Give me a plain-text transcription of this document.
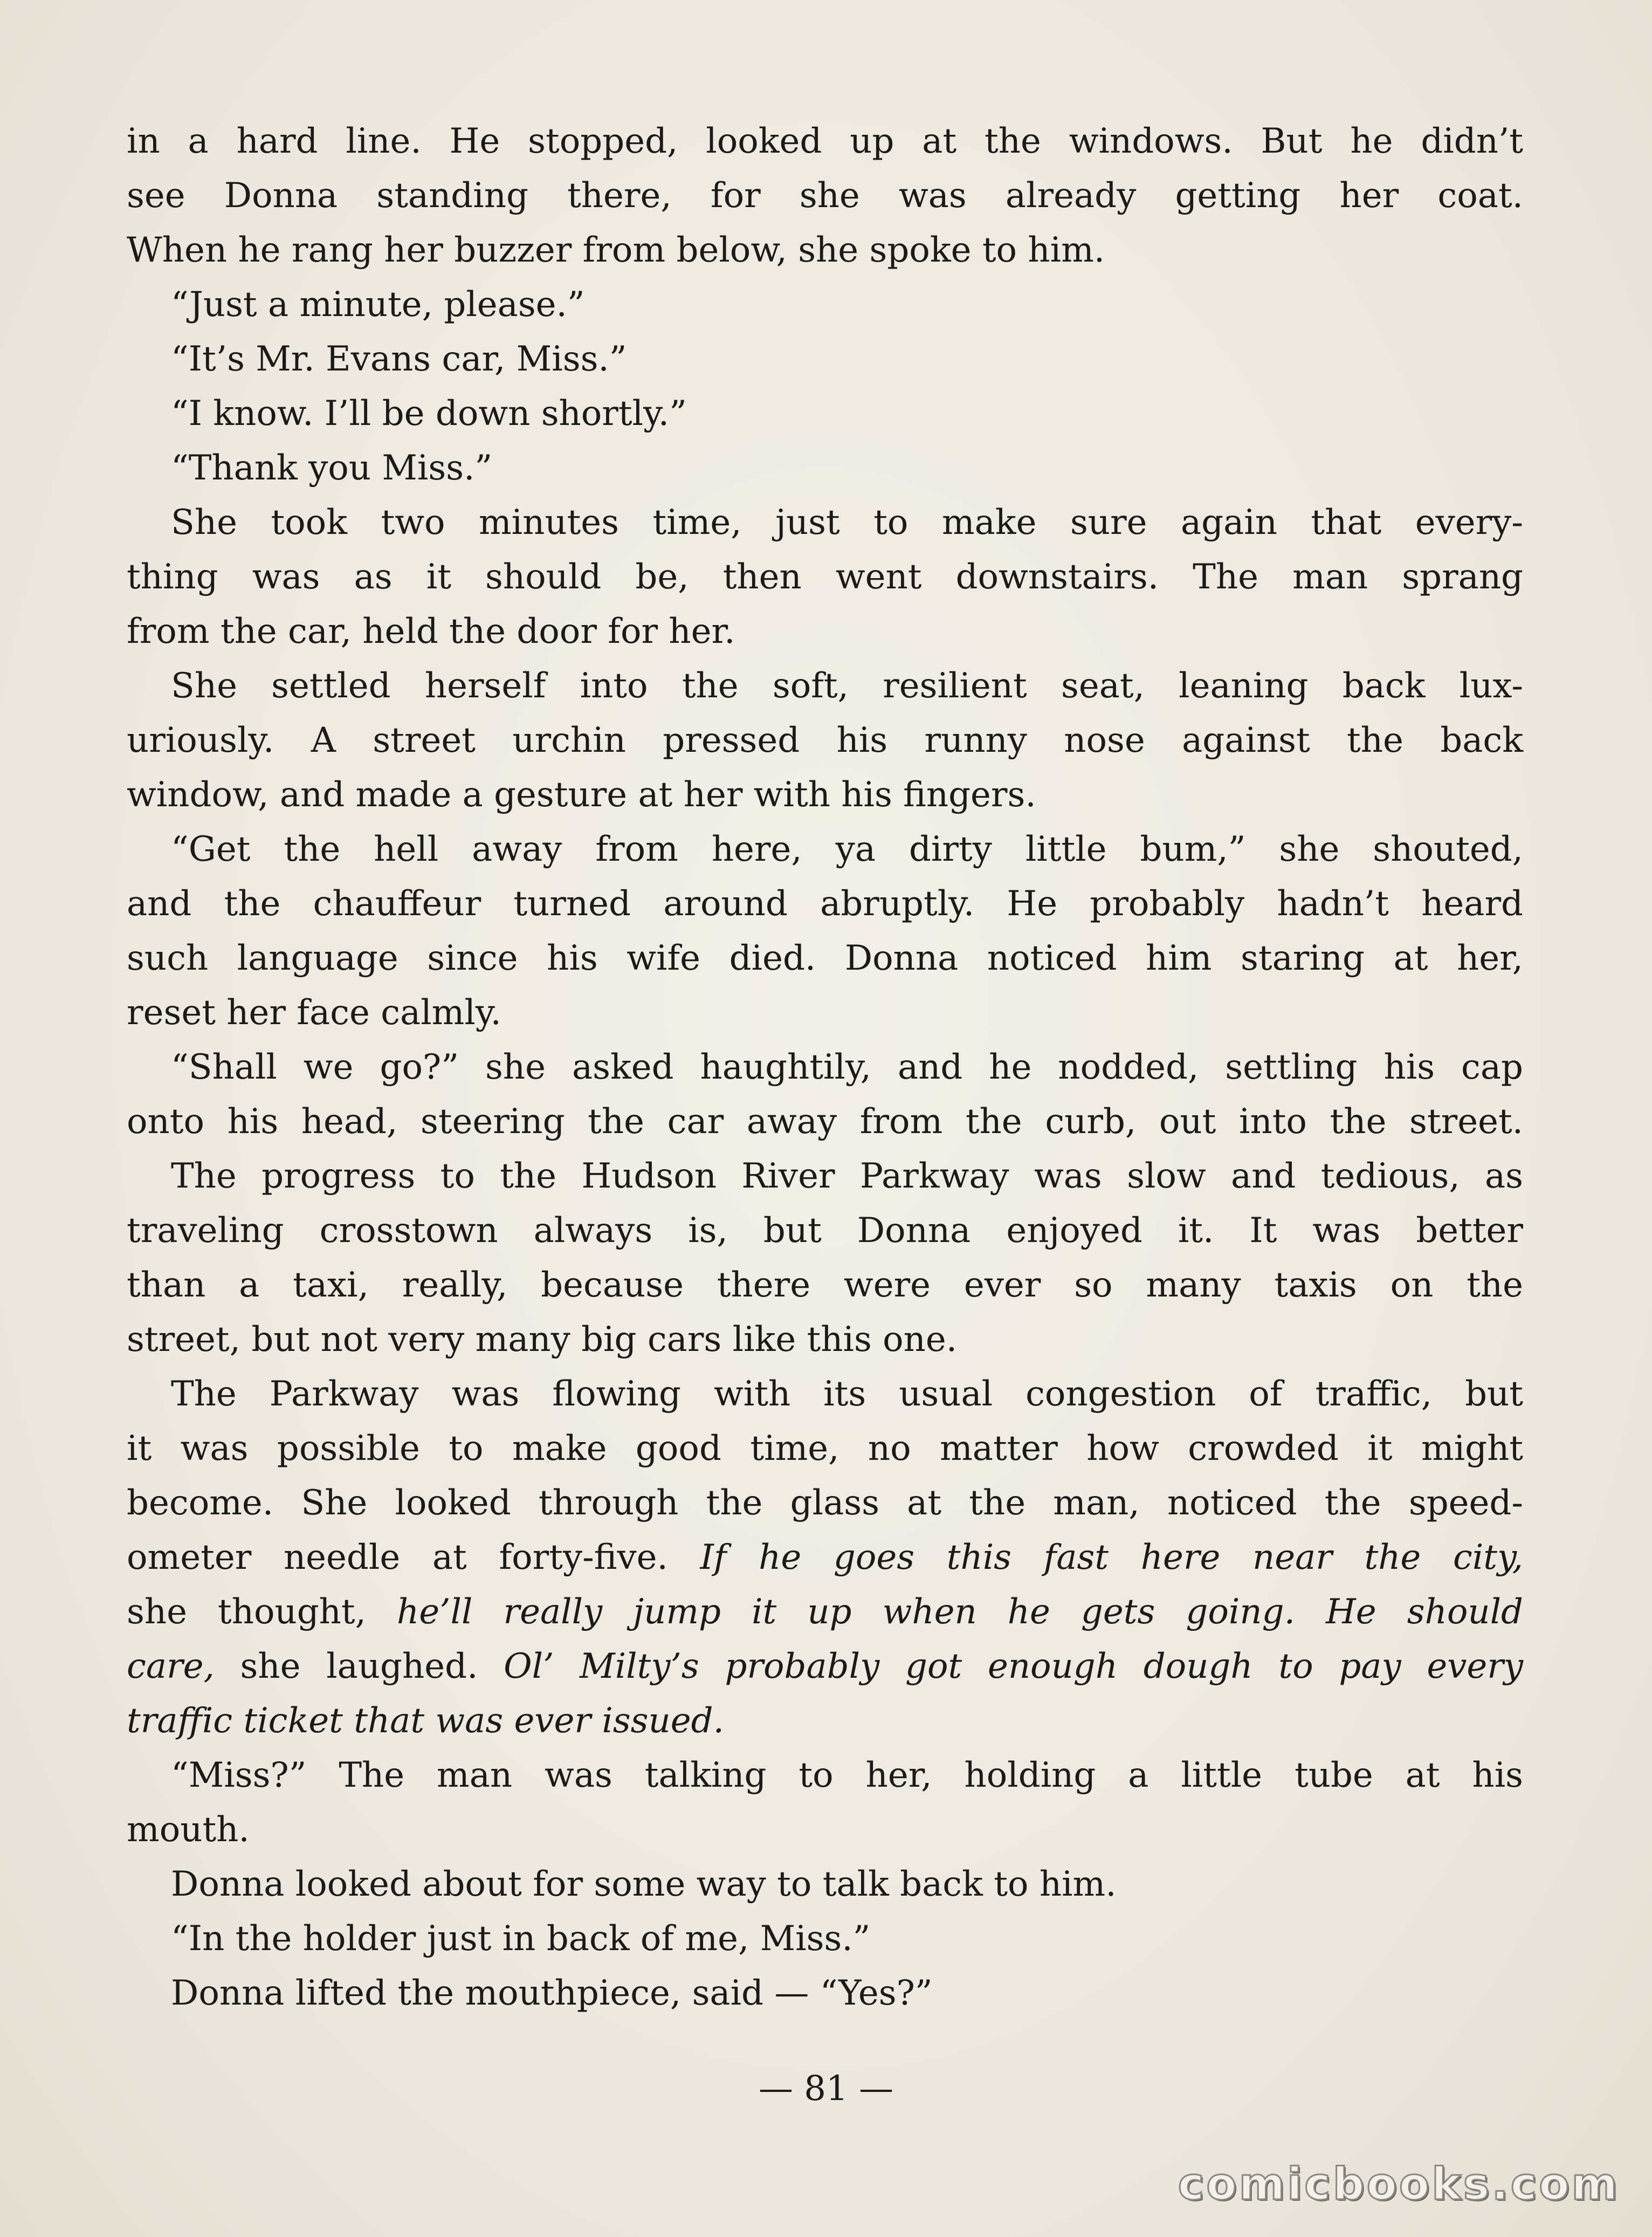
in a hard line. He stopped, looked up at the windows. But he didn’t
see Donna standing there, for she was already getting her coat.
When he rang her buzzer from below, she spoke to him.
“Just a minute, please.”
“It’s Mr. Evans car, Miss.”
“I know. I’ll be down shortly.”
“Thank you Miss.”
She took two minutes time, just to make sure again that every-
thing was as it should be, then went downstairs. The man sprang
from the car, held the door for her.
She settled herself into the soft, resilient seat, leaning back lux-
uriously. A street urchin pressed his runny nose against the back
window, and made a gesture at her with his fingers.
“Get the hell away from here, ya dirty little bum,” she shouted,
and the chauffeur turned around abruptly. He probably hadn’t heard
such language since his wife died. Donna noticed him staring at her,
reset her face calmly.
“Shall we go?” she asked haughtily, and he nodded, settling his cap
onto his head, steering the car away from the curb, out into the street.
The progress to the Hudson River Parkway was slow and tedious, as
traveling crosstown always is, but Donna enjoyed it. It was better
than a taxi, really, because there were ever so many taxis on the
street, but not very many big cars like this one.
The Parkway was flowing with its usual congestion of traffic, but
it was possible to make good time, no matter how crowded it might
become. She looked through the glass at the man, noticed the speed-
ometer needle at forty-five. If he goes this fast here near the city,
she thought, he’ll really jump it up when he gets going. He should
care, she laughed. Ol’ Milty’s probably got enough dough to pay every
traffic ticket that was ever issued.
“Miss?” The man was talking to her, holding a little tube at his
mouth.
Donna looked about for some way to talk back to him.
“In the holder just in back of me, Miss.”
Donna lifted the mouthpiece, said — “Yes?”
— 81 —
comicbooks.com
